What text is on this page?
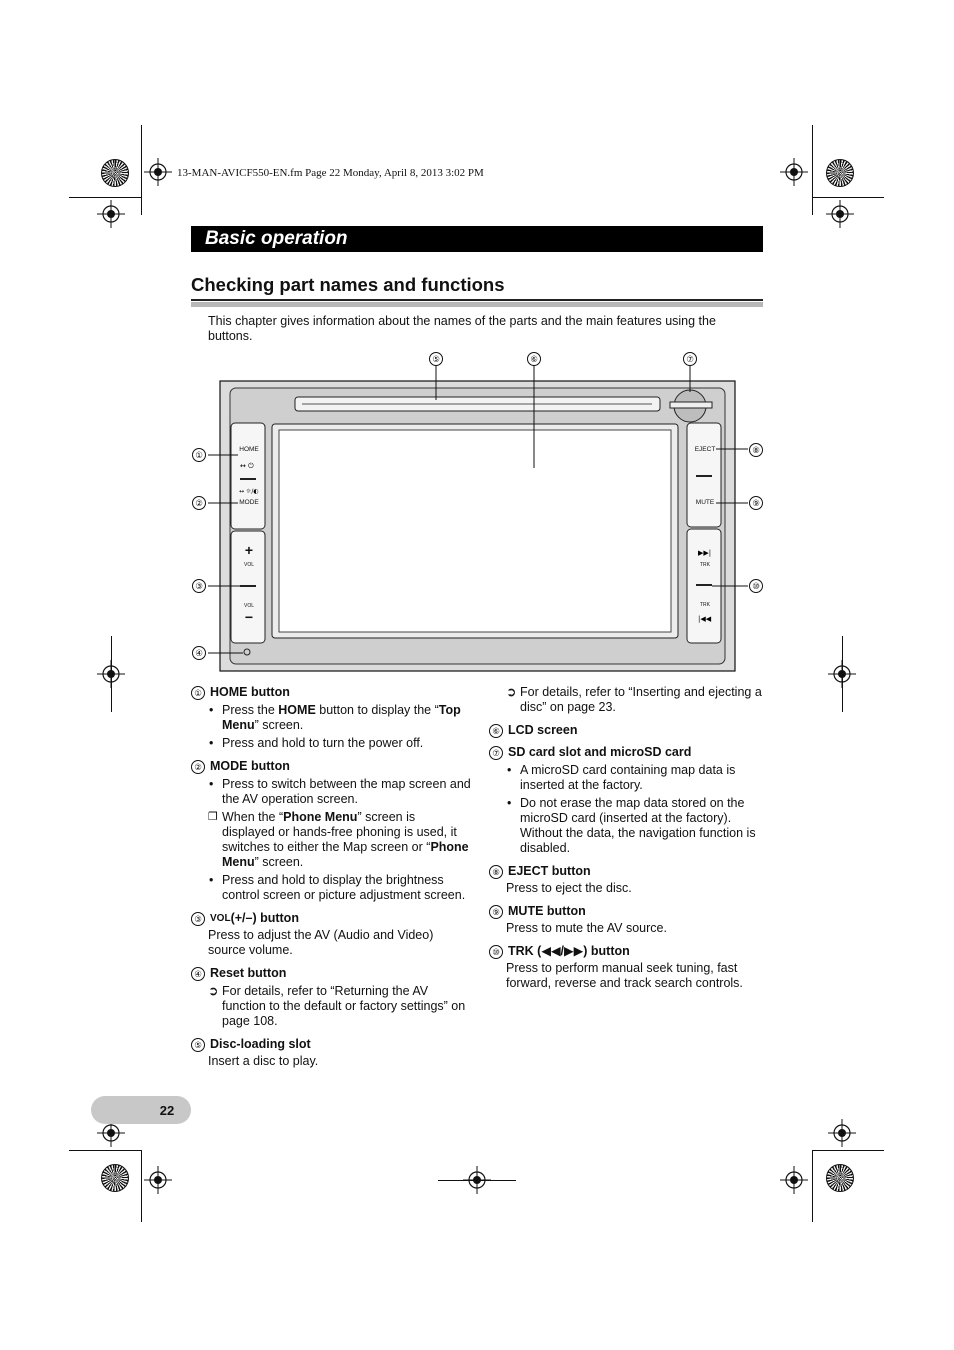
13-MAN-AVICF550-EN.fm Page 22 Monday, April 8, 2013 3:02 PM
Basic operation
Checking part names and functions
This chapter gives information about the names of the parts and the main features using the buttons.
↔ ⏻
↔ ☼/◐
▶▶|
|◀◀
HOME
MODE
+
VOL
VOL
−
EJECT
MUTE
TRK
TRK
⑤	⑥	⑦
①
②
③
④
⑧
⑨
⑩
① HOME button
• Press the HOME button to display the “Top Menu” screen.
• Press and hold to turn the power off.
② MODE button
• Press to switch between the map screen and the AV operation screen.
❐ When the “Phone Menu” screen is displayed or hands-free phoning is used, it switches to either the Map screen or “Phone Menu” screen.
• Press and hold to display the brightness control screen or picture adjustment screen.
③ VOL (+/–) button
Press to adjust the AV (Audio and Video) source volume.
④ Reset button
➲ For details, refer to “Returning the AV function to the default or factory settings” on page 108.
⑤ Disc-loading slot
Insert a disc to play.
➲ For details, refer to “Inserting and ejecting a disc” on page 23.
⑥ LCD screen
⑦ SD card slot and microSD card
• A microSD card containing map data is inserted at the factory.
• Do not erase the map data stored on the microSD card (inserted at the factory). Without the data, the navigation function is disabled.
⑧ EJECT button
Press to eject the disc.
⑨ MUTE button
Press to mute the AV source.
⑩ TRK (◀◀/▶▶) button
Press to perform manual seek tuning, fast forward, reverse and track search controls.
22
